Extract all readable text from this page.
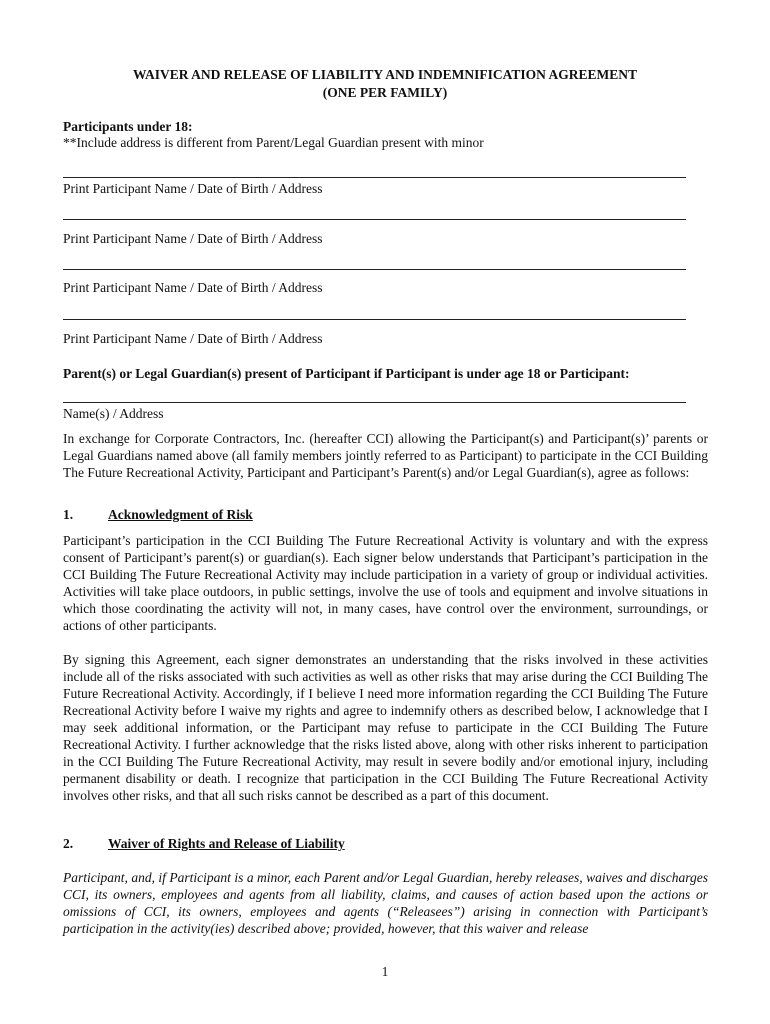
WAIVER AND RELEASE OF LIABILITY AND INDEMNIFICATION AGREEMENT
(ONE PER FAMILY)
Participants under 18:
**Include address is different from Parent/Legal Guardian present with minor
Print Participant Name / Date of Birth / Address
Print Participant Name / Date of Birth / Address
Print Participant Name / Date of Birth / Address
Print Participant Name / Date of Birth / Address
Parent(s) or Legal Guardian(s) present of Participant if Participant is under age 18 or Participant:
Name(s) / Address
In exchange for Corporate Contractors, Inc. (hereafter CCI) allowing the Participant(s) and Participant(s)’ parents or Legal Guardians named above (all family members jointly referred to as Participant) to participate in the CCI Building The Future Recreational Activity, Participant and Participant’s Parent(s) and/or Legal Guardian(s), agree as follows:
1.	Acknowledgment of Risk
Participant’s participation in the CCI Building The Future Recreational Activity is voluntary and with the express consent of Participant’s parent(s) or guardian(s). Each signer below understands that Participant’s participation in the CCI Building The Future Recreational Activity may include participation in a variety of group or individual activities. Activities will take place outdoors, in public settings, involve the use of tools and equipment and involve situations in which those coordinating the activity will not, in many cases, have control over the environment, surroundings, or actions of other participants.
By signing this Agreement, each signer demonstrates an understanding that the risks involved in these activities include all of the risks associated with such activities as well as other risks that may arise during the CCI Building The Future Recreational Activity. Accordingly, if I believe I need more information regarding the CCI Building The Future Recreational Activity before I waive my rights and agree to indemnify others as described below, I acknowledge that I may seek additional information, or the Participant may refuse to participate in the CCI Building The Future Recreational Activity. I further acknowledge that the risks listed above, along with other risks inherent to participation in the CCI Building The Future Recreational Activity, may result in severe bodily and/or emotional injury, including permanent disability or death. I recognize that participation in the CCI Building The Future Recreational Activity involves other risks, and that all such risks cannot be described as a part of this document.
2.	Waiver of Rights and Release of Liability
Participant, and, if Participant is a minor, each Parent and/or Legal Guardian, hereby releases, waives and discharges CCI, its owners, employees and agents from all liability, claims, and causes of action based upon the actions or omissions of CCI, its owners, employees and agents (“Releasees”) arising in connection with Participant’s participation in the activity(ies) described above; provided, however, that this waiver and release
1
